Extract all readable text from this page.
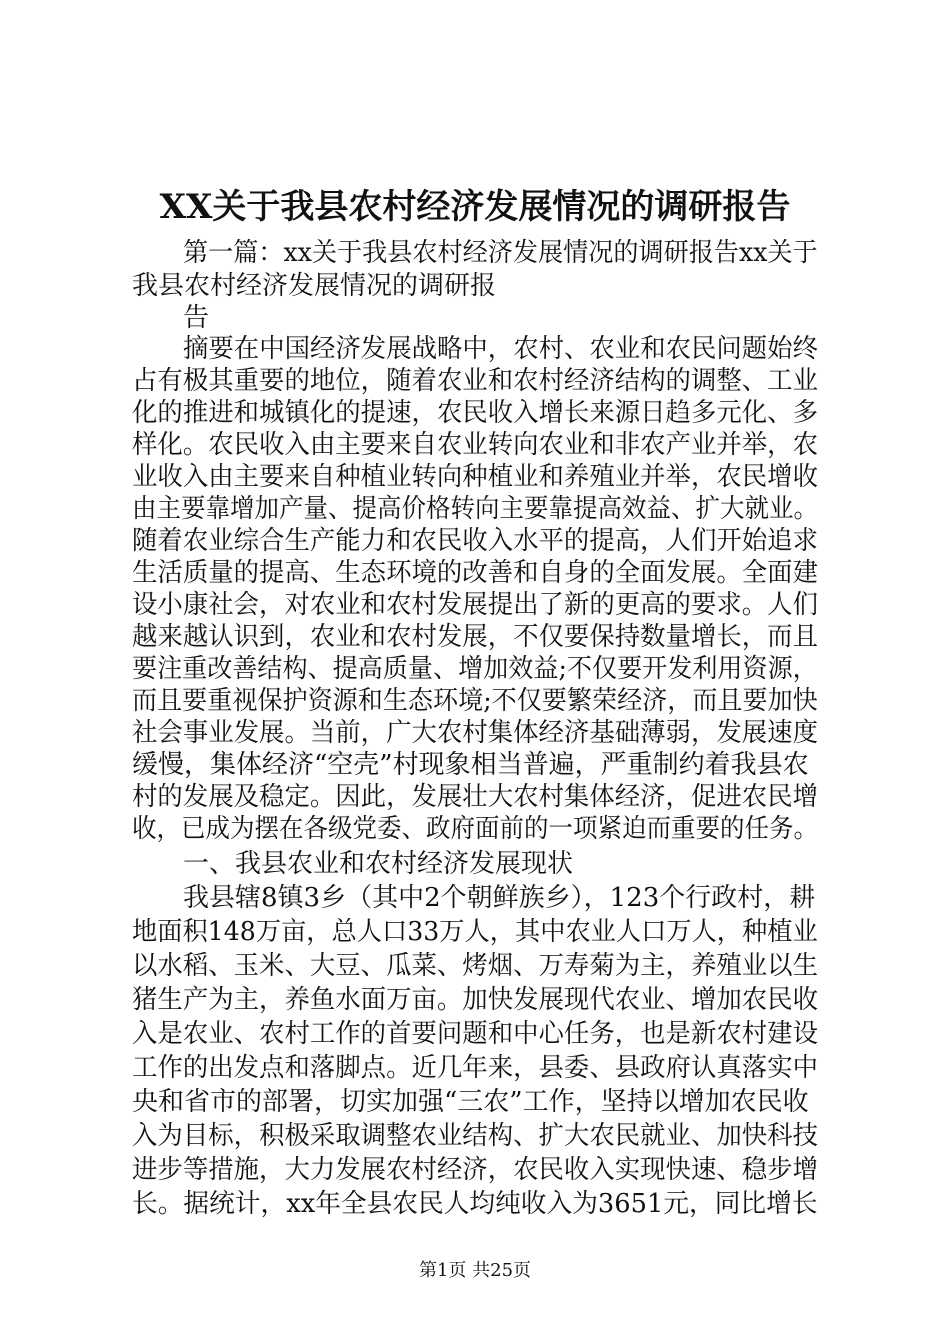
XX关于我县农村经济发展情况的调研报告

第一篇：xx关于我县农村经济发展情况的调研报告xx关于

我县农村经济发展情况的调研报

告

摘要在中国经济发展战略中，农村、农业和农民问题始终

占有极其重要的地位，随着农业和农村经济结构的调整、工业

化的推进和城镇化的提速，农民收入增长来源日趋多元化、多

样化。农民收入由主要来自农业转向农业和非农产业并举，农

业收入由主要来自种植业转向种植业和养殖业并举，农民增收

由主要靠增加产量、提高价格转向主要靠提高效益、扩大就业。

随着农业综合生产能力和农民收入水平的提高，人们开始追求

生活质量的提高、生态环境的改善和自身的全面发展。全面建

设小康社会，对农业和农村发展提出了新的更高的要求。人们

越来越认识到，农业和农村发展，不仅要保持数量增长，而且

要注重改善结构、提高质量、增加效益;不仅要开发利用资源，

而且要重视保护资源和生态环境;不仅要繁荣经济，而且要加快

社会事业发展。当前，广大农村集体经济基础薄弱，发展速度

缓慢，集体经济“空壳”村现象相当普遍，严重制约着我县农

村的发展及稳定。因此，发展壮大农村集体经济，促进农民增

收，已成为摆在各级党委、政府面前的一项紧迫而重要的任务。

一、我县农业和农村经济发展现状

我县辖8镇3乡（其中2个朝鲜族乡），123个行政村，耕

地面积148万亩，总人口33万人，其中农业人口万人，种植业

以水稻、玉米、大豆、瓜菜、烤烟、万寿菊为主，养殖业以生

猪生产为主，养鱼水面万亩。加快发展现代农业、增加农民收

入是农业、农村工作的首要问题和中心任务，也是新农村建设

工作的出发点和落脚点。近几年来，县委、县政府认真落实中

央和省市的部署，切实加强“三农”工作，坚持以增加农民收

入为目标，积极采取调整农业结构、扩大农民就业、加快科技

进步等措施，大力发展农村经济，农民收入实现快速、稳步增

长。据统计，xx年全县农民人均纯收入为3651元，同比增长

第1页 共25页
